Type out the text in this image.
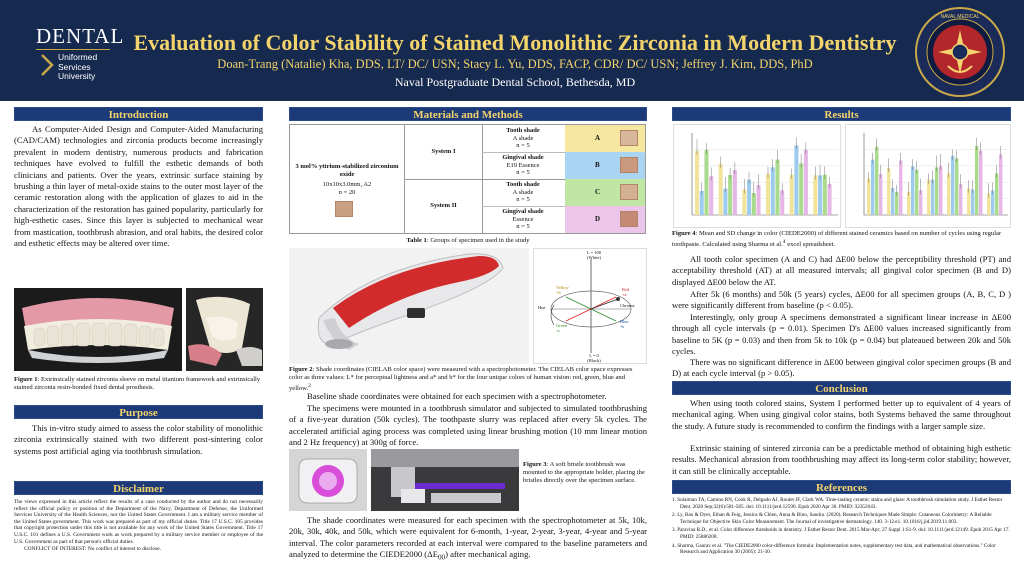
DENTAL
Uniformed
Services
University
Evaluation of Color Stability of Stained Monolithic Zirconia in Modern Dentistry
Doan-Trang (Natalie) Kha, DDS, LT/ DC/ USN; Stacy L. Yu, DDS, FACP, CDR/ DC/ USN; Jeffrey J. Kim, DDS, PhD
Naval Postgraduate Dental School, Bethesda, MD
NAVAL MEDICAL
Introduction
As Computer-Aided Design and Computer-Aided Manufacturing (CAD/CAM) technologies and zirconia products become increasingly prevalent in modern dentistry, numerous products and fabrication techniques have evolved to fulfill the esthetic demands of both clinicians and patients. Over the years, extrinsic surface staining by brushing a thin layer of metal-oxide stains to the outer most layer of the ceramic restoration along with the application of glazes to aid in the characterization of the restoration has gained popularity, particularly for high-esthetic cases. Since this layer is subjected to mechanical wear from mastication, toothbrush abrasion, and oral habits, the desired color and esthetic effects may be altered over time.
Figure 1: Extrinsically stained zirconia sleeve on metal titanium framework and extrinsically stained zirconia resin-bonded fixed dental prosthesis.
Purpose
This in-vitro study aimed to assess the color stability of monolithic zirconia extrinsically stained with two different post-sintering color systems post artificial aging via toothbrush simulation.
Disclaimer
The views expressed in this article reflect the results of a case conducted by the author and do not necessarily reflect the official policy or position of the Department of the Navy, Department of Defense, the Uniformed Services University of the Health Sciences, nor the United States Government. I am a military service member of the United States government. This work was prepared as part of my official duties. Title 17 U.S.C. 105 provides that copyright protection under this title is not available for any work of the United States Government. Title 17 U.S.C. 101 defines a U.S. Government work as work prepared by a military service member or employee of the U.S. Government as part of that person's official duties.
CONFLICT OF INTEREST: No conflict of interest to disclose.
Materials and Methods
3 mol% yttrium-stabilized zirconium oxide
10x10x3.0mm, A2
n = 20
System I
System II
Tooth shade
A shade
n = 5
Gingival shade
E19 Essence
n = 5
Tooth shade
A shade
n = 5
Gingival shade
Essence
n = 5
A
B
C
D
Table 1: Groups of specimen used in the study
L = 100
(White)
L = 0
(Black)
Yellow
+b
Blue
-b
Green
-a
Red
+a
Hue	Chroma
Figure 2: Shade coordinates (CIELAB color space) were measured with a spectrophotometer. The CIELAB color space expresses color as three values: L* for perceptual lightness and a* and b* for the four unique colors of human vision: red, green, blue and yellow.$^2$
Baseline shade coordinates were obtained for each specimen with a spectrophotometer.
The specimens were mounted in a toothbrush simulator and subjected to simulated toothbrushing of a five-year duration (50k cycles). The toothpaste slurry was replaced after every 5k cycles. The accelerated artificial aging process was completed using linear brushing motion (10 mm linear motion and 2 Hz frequency) at 300g of force.
Figure 3: A soft bristle toothbrush was mounted to the appropriate holder, placing the bristles directly over the specimen surface.
The shade coordinates were measured for each specimen with the spectrophotometer at 5k, 10k, 20k, 30k, 40k, and 50k, which were equivalent for 6-month, 1-year, 2-year, 3-year, 4-year and 5-year interval. The color parameters recorded at each interval were compared to the baseline parameters and analyzed to determine the CIEDE2000 $(\Delta E_{00})$ after mechanical aging.
Results
Figure 4: Mean and SD change in color (CIEDE2000) of different stained ceramics based on number of cycles using regular toothpaste. Calculated using Sharma et al.$^4$ excel spreadsheet.
All tooth color specimen (A and C) had ΔE00 below the perceptibility threshold (PT) and acceptability threshold (AT) at all measured intervals; all gingival color specimen (B and D) displayed ΔE00 below the AT.
After 5k (6 months) and 50k (5 years) cycles, ΔE00 for all specimen groups (A, B, C, D ) were significantly different from baseline (p < 0.05).
Interestingly, only group A specimens demonstrated a significant linear increase in ΔE00 through all cycle intervals (p = 0.01). Specimen D's ΔE00 values increased significantly from baseline to 5K (p = 0.03) and then from 5k to 10k (p = 0.04) but plateaued between 20k and 50k cycles.
There was no significant difference in ΔE00 between gingival color specimen groups (B and D) at each cycle interval (p > 0.05).
Conclusion
When using tooth colored stains, System I performed better up to equivalent of 4 years of mechanical aging. When using gingival color stains, both Systems behaved the same throughout the study. A future study is recommended to confirm the findings with a larger sample size.
Extrinsic staining of sintered zirconia can be a predictable method of obtaining high esthetic results. Mechanical abrasion from toothbrushing may affect its long-term color stability; however, it can still be clinically acceptable.
References
1. Sulaiman TA, Camino RN, Cook R, Delgado AJ, Roulet JF, Clark WA. Time-lasting ceramic stains and glaze: A toothbrush simulation study. J Esthet Restor Dent. 2020 Sep;32(6):581-585. doi: 10.1111/jerd.12590. Epub 2020 Apr 30. PMID: 32352643.
2. Ly, Bao & Dyer, Ethan & Feig, Jessica & Chien, Anna & Bino, Sandra. (2020). Research Techniques Made Simple: Cutaneous Colorimetry: A Reliable Technique for Objective Skin Color Measurement. The Journal of investigative dermatology. 140. 3-12.e1. 10.1016/j.jid.2019.11.003.
3. Paravina R.D., et al. Color difference thresholds in dentistry. J Esthet Restor Dent. 2015 Mar-Apr; 27 Suppl 1:S1-9. doi: 10.1111/jerd.12149. Epub 2015 Apr 17. PMID: 25886208.
4. Sharma, Gaurav et al. "The CIEDE2000 color-difference formula: Implementation notes, supplementary test data, and mathematical observations." Color Research and Application 30 (2005): 21-30.
